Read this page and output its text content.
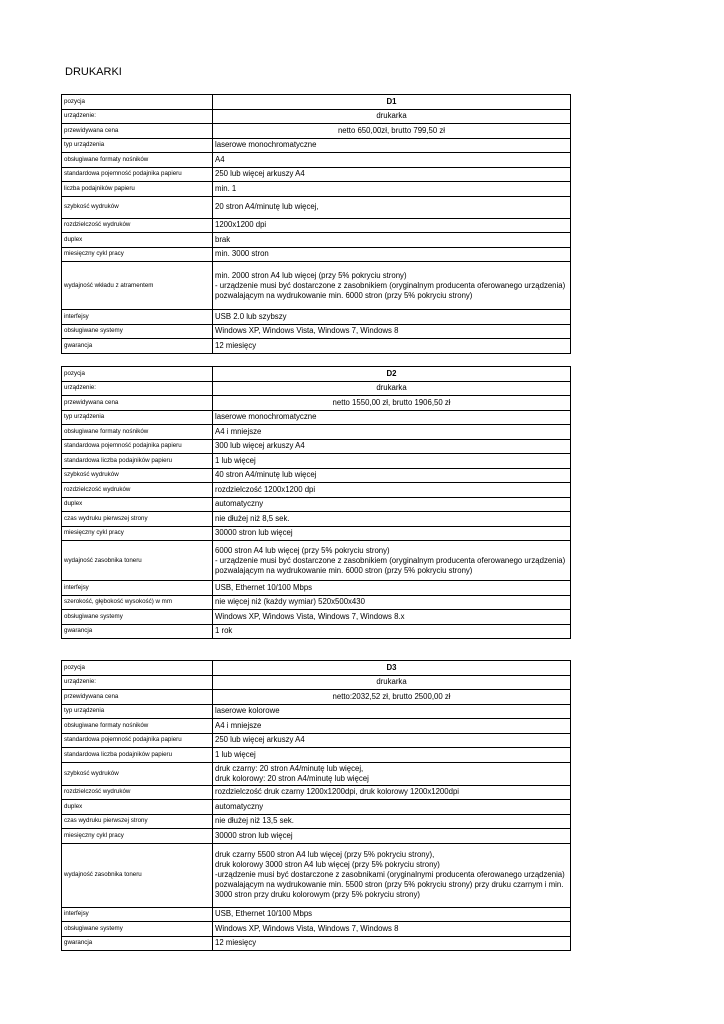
DRUKARKI
pozycja	D1
urządzenie:	drukarka
przewidywana cena	netto 650,00zł, brutto 799,50 zł
typ urządzenia	laserowe monochromatyczne
obsługiwane formaty nośników	A4
standardowa pojemność podajnika papieru	250 lub więcej arkuszy A4
liczba podajników papieru	min. 1
szybkość wydruków	20 stron A4/minutę lub więcej,
rozdzielczość wydruków	1200x1200 dpi
duplex	brak
miesięczny cykl pracy	min. 3000 stron
wydajność wkładu z atramentem	min. 2000 stron A4 lub więcej (przy 5% pokryciu strony)
- urządzenie musi być dostarczone z zasobnikiem (oryginalnym producenta oferowanego urządzenia) pozwalającym na wydrukowanie min. 6000 stron (przy 5% pokryciu strony)
interfejsy	USB 2.0 lub szybszy
obsługiwane systemy	Windows XP, Windows Vista, Windows 7, Windows 8
gwarancja	12 miesięcy
pozycja	D2
urządzenie:	drukarka
przewidywana cena	netto 1550,00 zł, brutto 1906,50 zł
typ urządzenia	laserowe monochromatyczne
obsługiwane formaty nośników	A4 i mniejsze
standardowa pojemność podajnika papieru	300 lub więcej arkuszy A4
standardowa liczba podajników papieru	1 lub więcej
szybkość wydruków	40 stron A4/minutę lub więcej
rozdzielczość wydruków	rozdzielczość 1200x1200 dpi
duplex	automatyczny
czas wydruku pierwszej strony	nie dłużej niż 8,5 sek.
miesięczny cykl pracy	30000 stron lub więcej
wydajność zasobnika toneru	6000 stron A4 lub więcej (przy 5% pokryciu strony)
- urządzenie musi być dostarczone z zasobnikiem (oryginalnym producenta oferowanego urządzenia) pozwalającym na wydrukowanie min. 6000 stron (przy 5% pokryciu strony)
interfejsy	USB, Ethernet 10/100 Mbps
szerokość, głębokość wysokość) w mm	nie więcej niż (każdy wymiar) 520x500x430
obsługiwane systemy	Windows XP, Windows Vista, Windows 7, Windows 8.x
gwarancja	1 rok
pozycja	D3
urządzenie:	drukarka
przewidywana cena	netto:2032,52 zł, brutto 2500,00 zł
typ urządzenia	laserowe kolorowe
obsługiwane formaty nośników	A4 i mniejsze
standardowa pojemność podajnika papieru	250 lub więcej arkuszy A4
standardowa liczba podajników papieru	1 lub więcej
szybkość wydruków	druk czarny: 20 stron A4/minutę lub więcej,
druk kolorowy: 20 stron A4/minutę lub więcej
rozdzielczość wydruków	rozdzielczość druk czarny 1200x1200dpi, druk kolorowy 1200x1200dpi
duplex	automatyczny
czas wydruku pierwszej strony	nie dłużej niż 13,5 sek.
miesięczny cykl pracy	30000 stron lub więcej
wydajność zasobnika toneru	druk czarny 5500 stron A4 lub więcej (przy 5% pokryciu strony),
druk kolorowy 3000 stron A4 lub więcej (przy 5% pokryciu strony)
-urządzenie musi być dostarczone z zasobnikami (oryginalnymi producenta oferowanego urządzenia) pozwalającym na wydrukowanie min. 5500 stron (przy 5% pokryciu strony) przy druku czarnym i min. 3000 stron przy druku kolorowym (przy 5% pokryciu strony)
interfejsy	USB, Ethernet 10/100 Mbps
obsługiwane systemy	Windows XP, Windows Vista, Windows 7, Windows 8
gwarancja	12 miesięcy
